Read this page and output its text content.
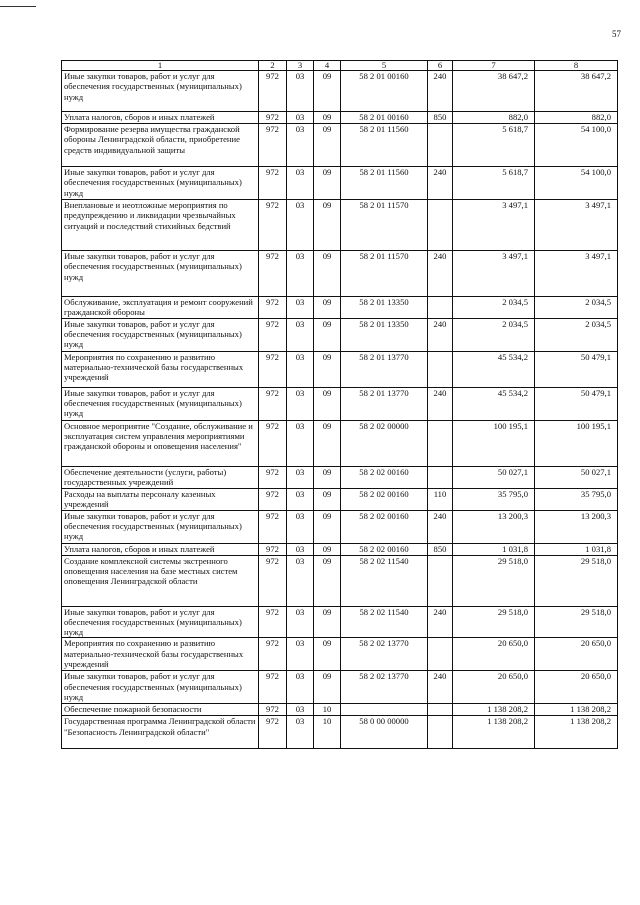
57
1	2	3	4	5	6	7	8
Иные закупки товаров, работ и услуг для обеспечения государственных (муниципальных) нужд	972	03	09	58 2 01 00160	240	38 647,2	38 647,2
Уплата налогов, сборов и иных платежей	972	03	09	58 2 01 00160	850	882,0	882,0
Формирование резерва имущества гражданской обороны Ленинградской области, приобретение средств индивидуальной защиты	972	03	09	58 2 01 11560		5 618,7	54 100,0
Иные закупки товаров, работ и услуг для обеспечения государственных (муниципальных) нужд	972	03	09	58 2 01 11560	240	5 618,7	54 100,0
Внеплановые и неотложные мероприятия по предупреждению и ликвидации чрезвычайных ситуаций и последствий стихийных бедствий	972	03	09	58 2 01 11570		3 497,1	3 497,1
Иные закупки товаров, работ и услуг для обеспечения государственных (муниципальных) нужд	972	03	09	58 2 01 11570	240	3 497,1	3 497,1
Обслуживание, эксплуатация и ремонт сооружений гражданской обороны	972	03	09	58 2 01 13350		2 034,5	2 034,5
Иные закупки товаров, работ и услуг для обеспечения государственных (муниципальных) нужд	972	03	09	58 2 01 13350	240	2 034,5	2 034,5
Мероприятия по сохранению и развитию материально-технической базы государственных учреждений	972	03	09	58 2 01 13770		45 534,2	50 479,1
Иные закупки товаров, работ и услуг для обеспечения государственных (муниципальных) нужд	972	03	09	58 2 01 13770	240	45 534,2	50 479,1
Основное мероприятие "Создание, обслуживание и эксплуатация систем управления мероприятиями гражданской обороны и оповещения населения"	972	03	09	58 2 02 00000		100 195,1	100 195,1
Обеспечение деятельности (услуги, работы) государственных учреждений	972	03	09	58 2 02 00160		50 027,1	50 027,1
Расходы на выплаты персоналу казенных учреждений	972	03	09	58 2 02 00160	110	35 795,0	35 795,0
Иные закупки товаров, работ и услуг для обеспечения государственных (муниципальных) нужд	972	03	09	58 2 02 00160	240	13 200,3	13 200,3
Уплата налогов, сборов и иных платежей	972	03	09	58 2 02 00160	850	1 031,8	1 031,8
Создание комплексной системы экстренного оповещения населения на базе местных систем оповещения Ленинградской области	972	03	09	58 2 02 11540		29 518,0	29 518,0
Иные закупки товаров, работ и услуг для обеспечения государственных (муниципальных) нужд	972	03	09	58 2 02 11540	240	29 518,0	29 518,0
Мероприятия по сохранению и развитию материально-технической базы государственных учреждений	972	03	09	58 2 02 13770		20 650,0	20 650,0
Иные закупки товаров, работ и услуг для обеспечения государственных (муниципальных) нужд	972	03	09	58 2 02 13770	240	20 650,0	20 650,0
Обеспечение пожарной безопасности	972	03	10			1 138 208,2	1 138 208,2
Государственная программа Ленинградской области "Безопасность Ленинградской области"	972	03	10	58 0 00 00000		1 138 208,2	1 138 208,2
